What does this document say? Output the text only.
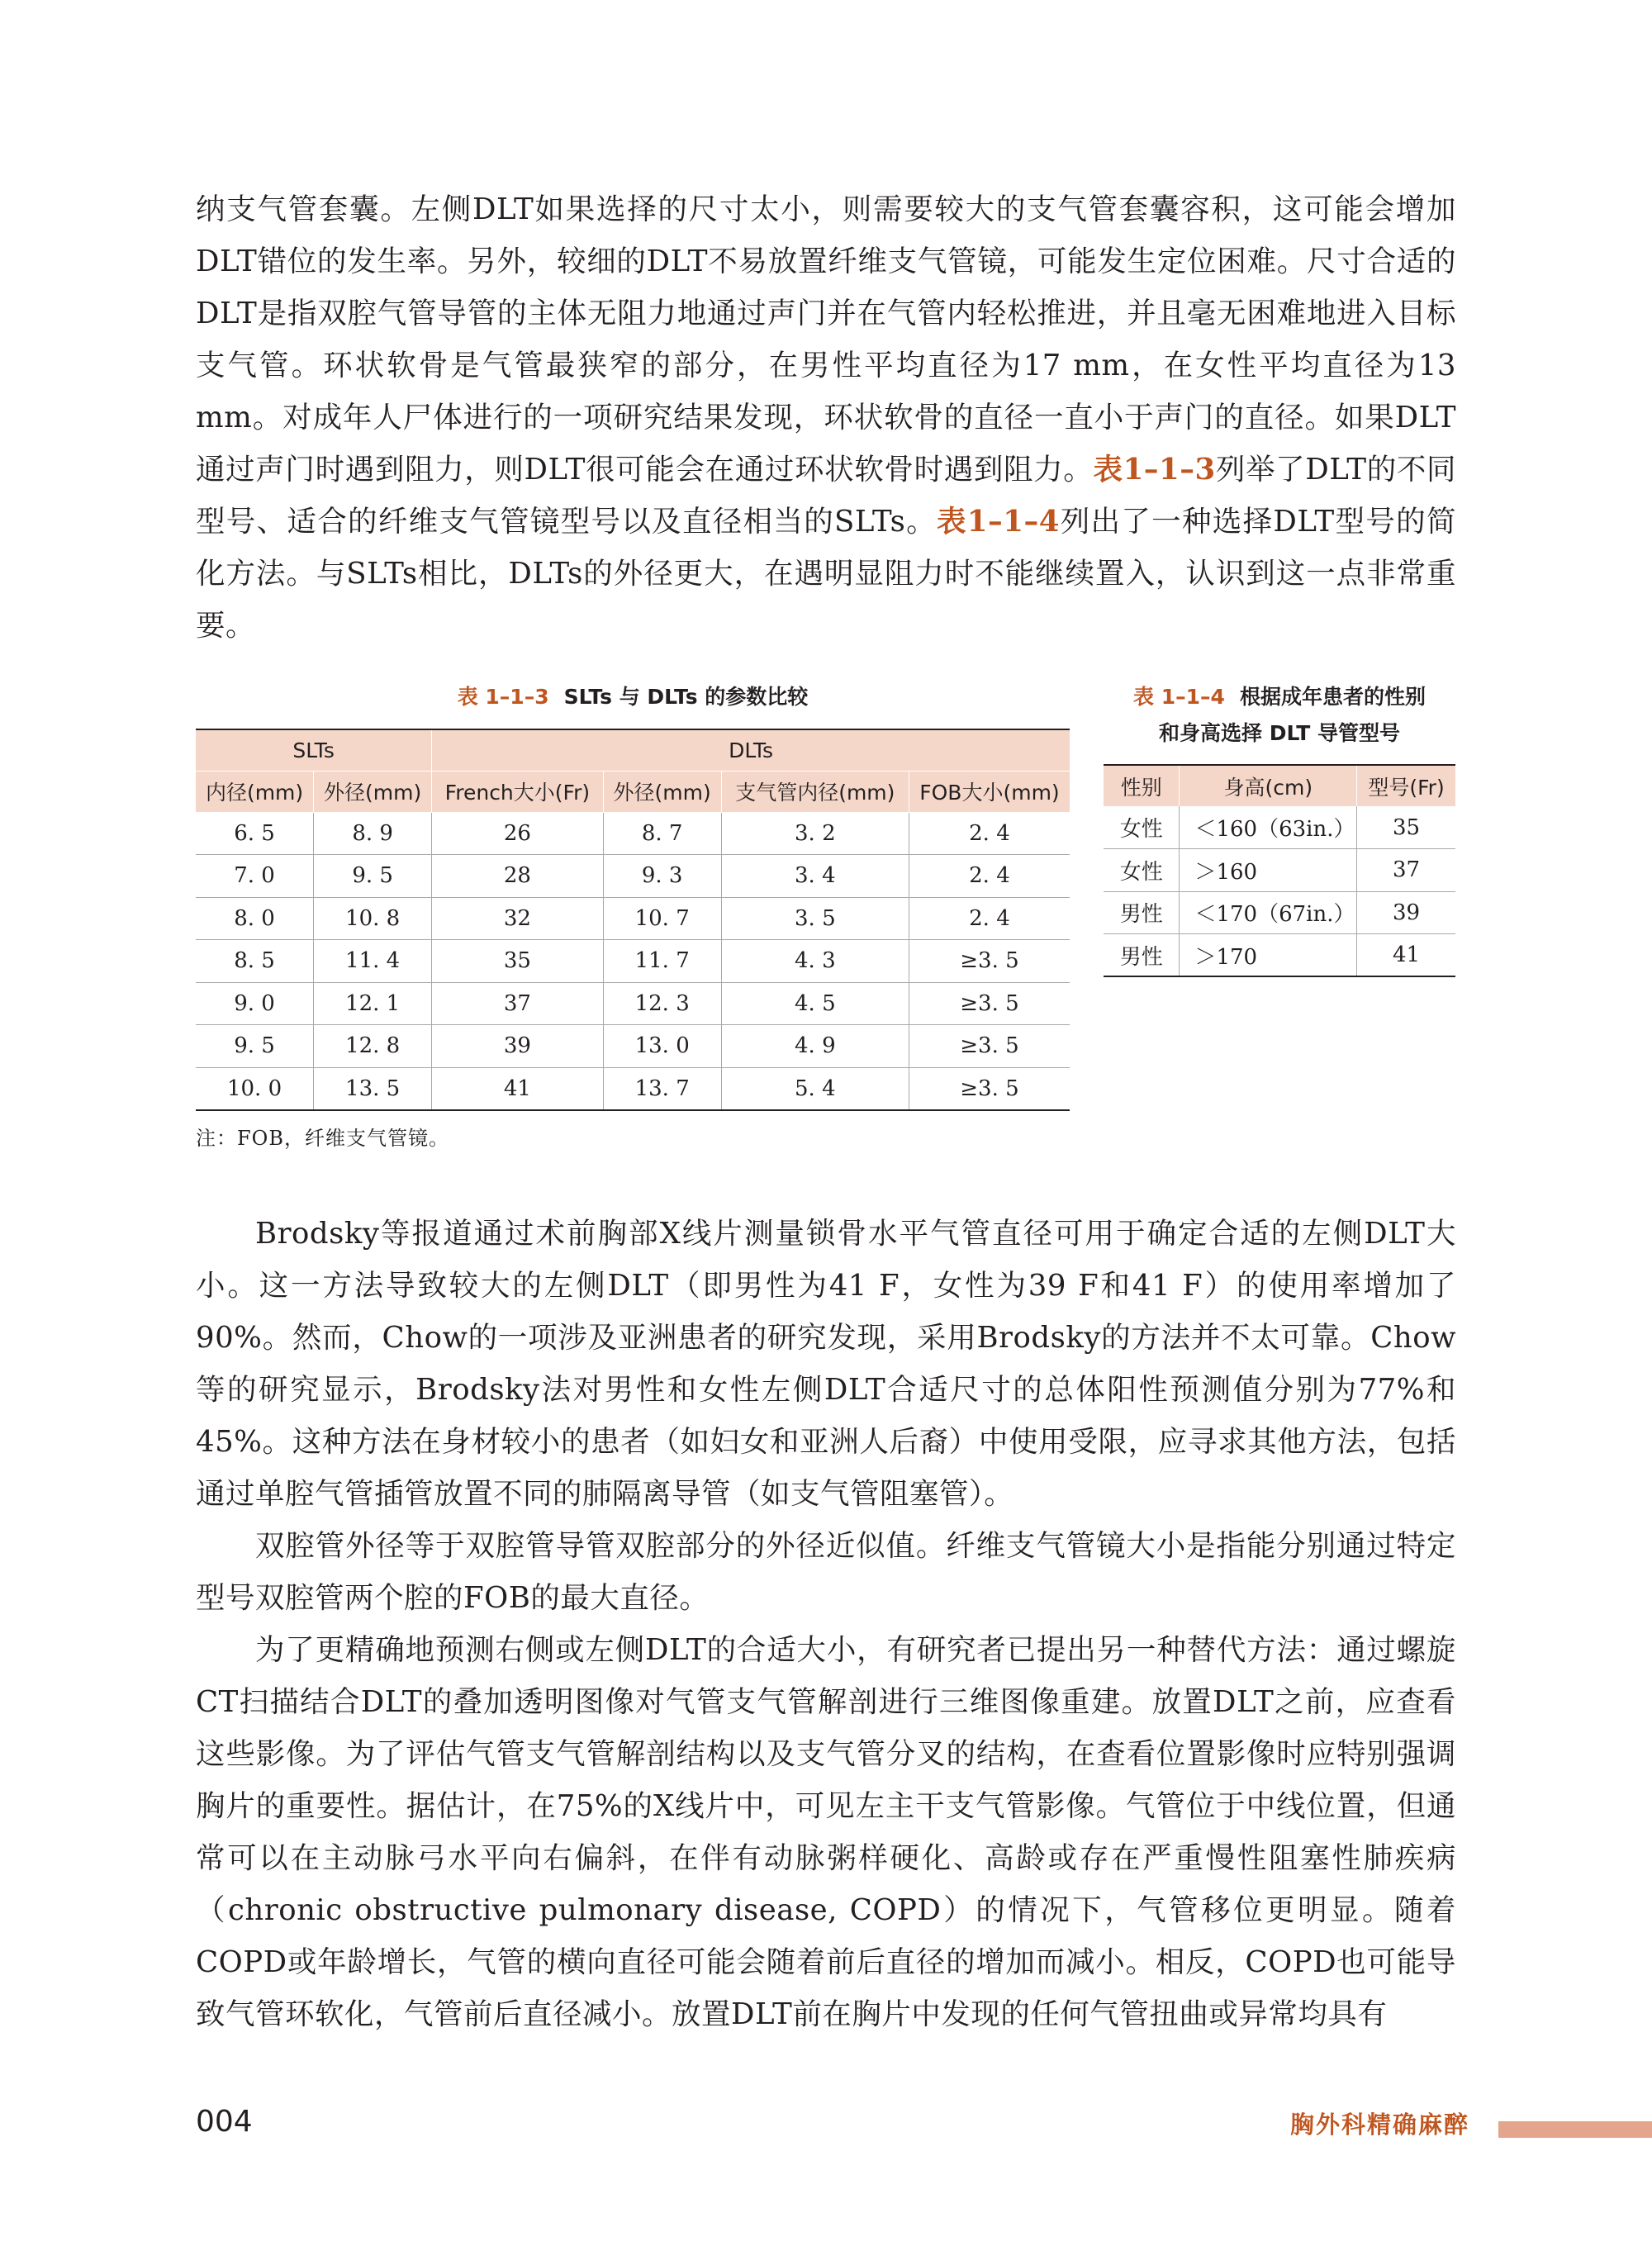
纳支气管套囊。左侧DLT如果选择的尺寸太小，则需要较大的支气管套囊容积，这可能会增加DLT错位的发生率。另外，较细的DLT不易放置纤维支气管镜，可能发生定位困难。尺寸合适的DLT是指双腔气管导管的主体无阻力地通过声门并在气管内轻松推进，并且毫无困难地进入目标支气管。环状软骨是气管最狭窄的部分，在男性平均直径为17 mm，在女性平均直径为13 mm。对成年人尸体进行的一项研究结果发现，环状软骨的直径一直小于声门的直径。如果DLT通过声门时遇到阻力，则DLT很可能会在通过环状软骨时遇到阻力。表1–1–3列举了DLT的不同型号、适合的纤维支气管镜型号以及直径相当的SLTs。表1–1–4列出了一种选择DLT型号的简化方法。与SLTs相比，DLTs的外径更大，在遇明显阻力时不能继续置入，认识到这一点非常重要。

表 1–1–3 SLTs 与 DLTs 的参数比较
SLTs		DLTs			
内径(mm)	外径(mm)	French大小(Fr)	外径(mm)	支气管内径(mm)	FOB大小(mm)
6. 5	8. 9	26	8. 7	3. 2	2. 4
7. 0	9. 5	28	9. 3	3. 4	2. 4
8. 0	10. 8	32	10. 7	3. 5	2. 4
8. 5	11. 4	35	11. 7	4. 3	≥3. 5
9. 0	12. 1	37	12. 3	4. 5	≥3. 5
9. 5	12. 8	39	13. 0	4. 9	≥3. 5
10. 0	13. 5	41	13. 7	5. 4	≥3. 5
注：FOB，纤维支气管镜。
表 1–1–4 根据成年患者的性别
和身高选择 DLT 导管型号
性别	身高(cm)	型号(Fr)
女性	＜160（63in.）	35
女性	＞160	37
男性	＜170（67in.）	39
男性	＞170	41

Brodsky等报道通过术前胸部X线片测量锁骨水平气管直径可用于确定合适的左侧DLT大小。这一方法导致较大的左侧DLT（即男性为41 F，女性为39 F和41 F）的使用率增加了90%。然而，Chow的一项涉及亚洲患者的研究发现，采用Brodsky的方法并不太可靠。Chow等的研究显示，Brodsky法对男性和女性左侧DLT合适尺寸的总体阳性预测值分别为77%和45%。这种方法在身材较小的患者（如妇女和亚洲人后裔）中使用受限，应寻求其他方法，包括通过单腔气管插管放置不同的肺隔离导管（如支气管阻塞管）。

双腔管外径等于双腔管导管双腔部分的外径近似值。纤维支气管镜大小是指能分别通过特定型号双腔管两个腔的FOB的最大直径。

为了更精确地预测右侧或左侧DLT的合适大小，有研究者已提出另一种替代方法：通过螺旋CT扫描结合DLT的叠加透明图像对气管支气管解剖进行三维图像重建。放置DLT之前，应查看这些影像。为了评估气管支气管解剖结构以及支气管分叉的结构，在查看位置影像时应特别强调胸片的重要性。据估计，在75%的X线片中，可见左主干支气管影像。气管位于中线位置，但通常可以在主动脉弓水平向右偏斜，在伴有动脉粥样硬化、高龄或存在严重慢性阻塞性肺疾病（chronic obstructive pulmonary disease, COPD）的情况下，气管移位更明显。随着COPD或年龄增长，气管的横向直径可能会随着前后直径的增加而减小。相反，COPD也可能导致气管环软化，气管前后直径减小。放置DLT前在胸片中发现的任何气管扭曲或异常均具有

004	胸外科精确麻醉
